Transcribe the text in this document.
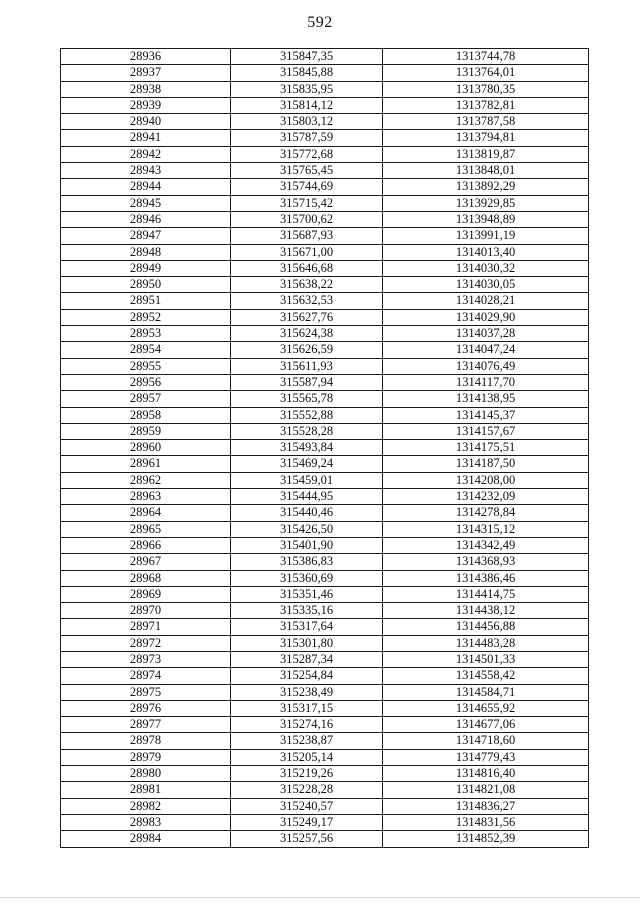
592
28936	315847,35	1313744,78
28937	315845,88	1313764,01
28938	315835,95	1313780,35
28939	315814,12	1313782,81
28940	315803,12	1313787,58
28941	315787,59	1313794,81
28942	315772,68	1313819,87
28943	315765,45	1313848,01
28944	315744,69	1313892,29
28945	315715,42	1313929,85
28946	315700,62	1313948,89
28947	315687,93	1313991,19
28948	315671,00	1314013,40
28949	315646,68	1314030,32
28950	315638,22	1314030,05
28951	315632,53	1314028,21
28952	315627,76	1314029,90
28953	315624,38	1314037,28
28954	315626,59	1314047,24
28955	315611,93	1314076,49
28956	315587,94	1314117,70
28957	315565,78	1314138,95
28958	315552,88	1314145,37
28959	315528,28	1314157,67
28960	315493,84	1314175,51
28961	315469,24	1314187,50
28962	315459,01	1314208,00
28963	315444,95	1314232,09
28964	315440,46	1314278,84
28965	315426,50	1314315,12
28966	315401,90	1314342,49
28967	315386,83	1314368,93
28968	315360,69	1314386,46
28969	315351,46	1314414,75
28970	315335,16	1314438,12
28971	315317,64	1314456,88
28972	315301,80	1314483,28
28973	315287,34	1314501,33
28974	315254,84	1314558,42
28975	315238,49	1314584,71
28976	315317,15	1314655,92
28977	315274,16	1314677,06
28978	315238,87	1314718,60
28979	315205,14	1314779,43
28980	315219,26	1314816,40
28981	315228,28	1314821,08
28982	315240,57	1314836,27
28983	315249,17	1314831,56
28984	315257,56	1314852,39
